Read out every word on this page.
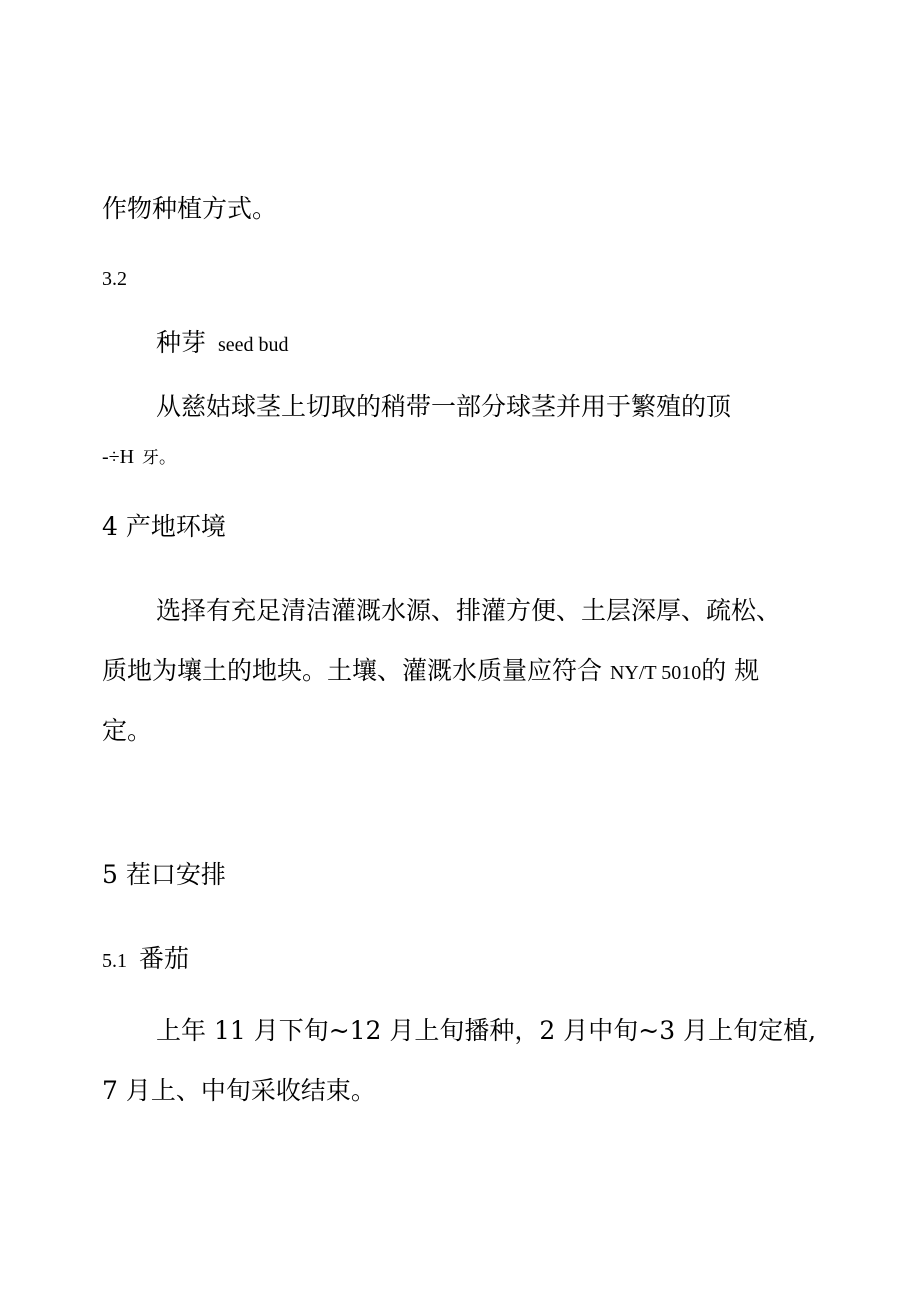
作物种植方式。
3.2
种芽 seed bud
从慈姑球茎上切取的稍带一部分球茎并用于繁殖的顶
-÷H 牙。
4 产地环境
选择有充足清洁灌溉水源、排灌方便、土层深厚、疏松、
质地为壤土的地块。土壤、灌溉水质量应符合 NY/T 5010的 规
定。
5 茬口安排
5.1 番茄
上年 11 月下旬~12 月上旬播种，2 月中旬~3 月上旬定植,
7 月上、中旬采收结束。
